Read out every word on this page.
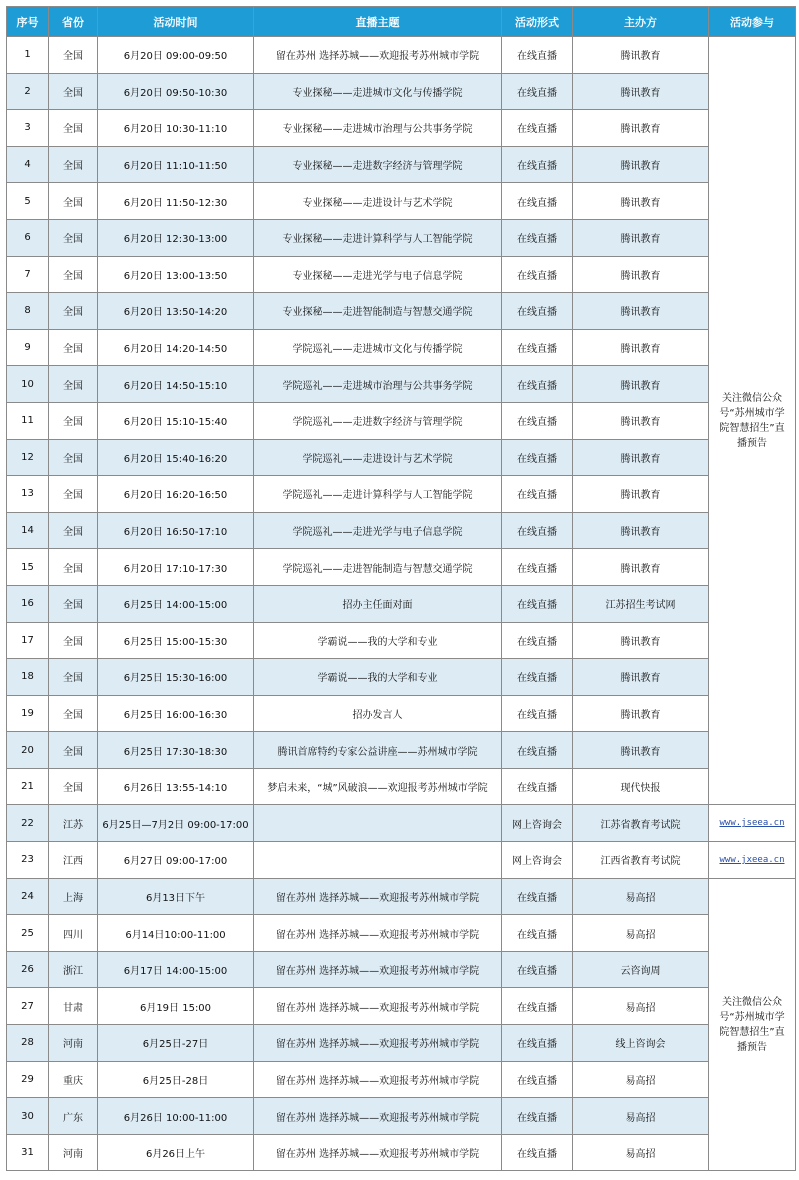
序号	省份	活动时间	直播主题	活动形式	主办方	活动参与
1	全国	6月20日 09:00-09:50	留在苏州 选择苏城——欢迎报考苏州城市学院	在线直播	腾讯教育	关注微信公众号“苏州城市学院智慧招生”直播预告
2	全国	6月20日 09:50-10:30	专业探秘——走进城市文化与传播学院	在线直播	腾讯教育	
3	全国	6月20日 10:30-11:10	专业探秘——走进城市治理与公共事务学院	在线直播	腾讯教育	
4	全国	6月20日 11:10-11:50	专业探秘——走进数字经济与管理学院	在线直播	腾讯教育	
5	全国	6月20日 11:50-12:30	专业探秘——走进设计与艺术学院	在线直播	腾讯教育	
6	全国	6月20日 12:30-13:00	专业探秘——走进计算科学与人工智能学院	在线直播	腾讯教育	
7	全国	6月20日 13:00-13:50	专业探秘——走进光学与电子信息学院	在线直播	腾讯教育	
8	全国	6月20日 13:50-14:20	专业探秘——走进智能制造与智慧交通学院	在线直播	腾讯教育	
9	全国	6月20日 14:20-14:50	学院巡礼——走进城市文化与传播学院	在线直播	腾讯教育	
10	全国	6月20日 14:50-15:10	学院巡礼——走进城市治理与公共事务学院	在线直播	腾讯教育	
11	全国	6月20日 15:10-15:40	学院巡礼——走进数字经济与管理学院	在线直播	腾讯教育	
12	全国	6月20日 15:40-16:20	学院巡礼——走进设计与艺术学院	在线直播	腾讯教育	
13	全国	6月20日 16:20-16:50	学院巡礼——走进计算科学与人工智能学院	在线直播	腾讯教育	
14	全国	6月20日 16:50-17:10	学院巡礼——走进光学与电子信息学院	在线直播	腾讯教育	
15	全国	6月20日 17:10-17:30	学院巡礼——走进智能制造与智慧交通学院	在线直播	腾讯教育	
16	全国	6月25日 14:00-15:00	招办主任面对面	在线直播	江苏招生考试网	
17	全国	6月25日 15:00-15:30	学霸说——我的大学和专业	在线直播	腾讯教育	
18	全国	6月25日 15:30-16:00	学霸说——我的大学和专业	在线直播	腾讯教育	
19	全国	6月25日 16:00-16:30	招办发言人	在线直播	腾讯教育	
20	全国	6月25日 17:30-18:30	腾讯首席特约专家公益讲座——苏州城市学院	在线直播	腾讯教育	
21	全国	6月26日 13:55-14:10	梦启未来，“城”风破浪——欢迎报考苏州城市学院	在线直播	现代快报	
22	江苏	6月25日—7月2日 09:00-17:00		网上咨询会	江苏省教育考试院	www.jseea.cn
23	江西	6月27日 09:00-17:00		网上咨询会	江西省教育考试院	www.jxeea.cn
24	上海	6月13日下午	留在苏州 选择苏城——欢迎报考苏州城市学院	在线直播	易高招	关注微信公众号“苏州城市学院智慧招生”直播预告
25	四川	6月14日10:00-11:00	留在苏州 选择苏城——欢迎报考苏州城市学院	在线直播	易高招	
26	浙江	6月17日 14:00-15:00	留在苏州 选择苏城——欢迎报考苏州城市学院	在线直播	云咨询周	
27	甘肃	6月19日 15:00	留在苏州 选择苏城——欢迎报考苏州城市学院	在线直播	易高招	
28	河南	6月25日-27日	留在苏州 选择苏城——欢迎报考苏州城市学院	在线直播	线上咨询会	
29	重庆	6月25日-28日	留在苏州 选择苏城——欢迎报考苏州城市学院	在线直播	易高招	
30	广东	6月26日 10:00-11:00	留在苏州 选择苏城——欢迎报考苏州城市学院	在线直播	易高招	
31	河南	6月26日上午	留在苏州 选择苏城——欢迎报考苏州城市学院	在线直播	易高招	
